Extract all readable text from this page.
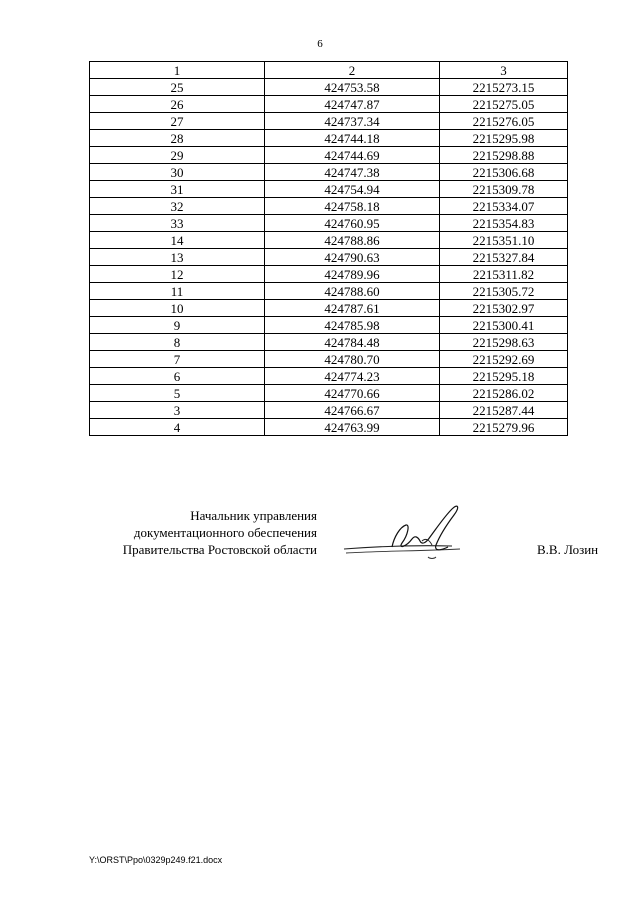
6
1	2	3
25	424753.58	2215273.15
26	424747.87	2215275.05
27	424737.34	2215276.05
28	424744.18	2215295.98
29	424744.69	2215298.88
30	424747.38	2215306.68
31	424754.94	2215309.78
32	424758.18	2215334.07
33	424760.95	2215354.83
14	424788.86	2215351.10
13	424790.63	2215327.84
12	424789.96	2215311.82
11	424788.60	2215305.72
10	424787.61	2215302.97
9	424785.98	2215300.41
8	424784.48	2215298.63
7	424780.70	2215292.69
6	424774.23	2215295.18
5	424770.66	2215286.02
3	424766.67	2215287.44
4	424763.99	2215279.96
Начальник управления
документационного обеспечения
Правительства Ростовской области	В.В. Лозин
Y:\ORST\Ppo\0329p249.f21.docx
